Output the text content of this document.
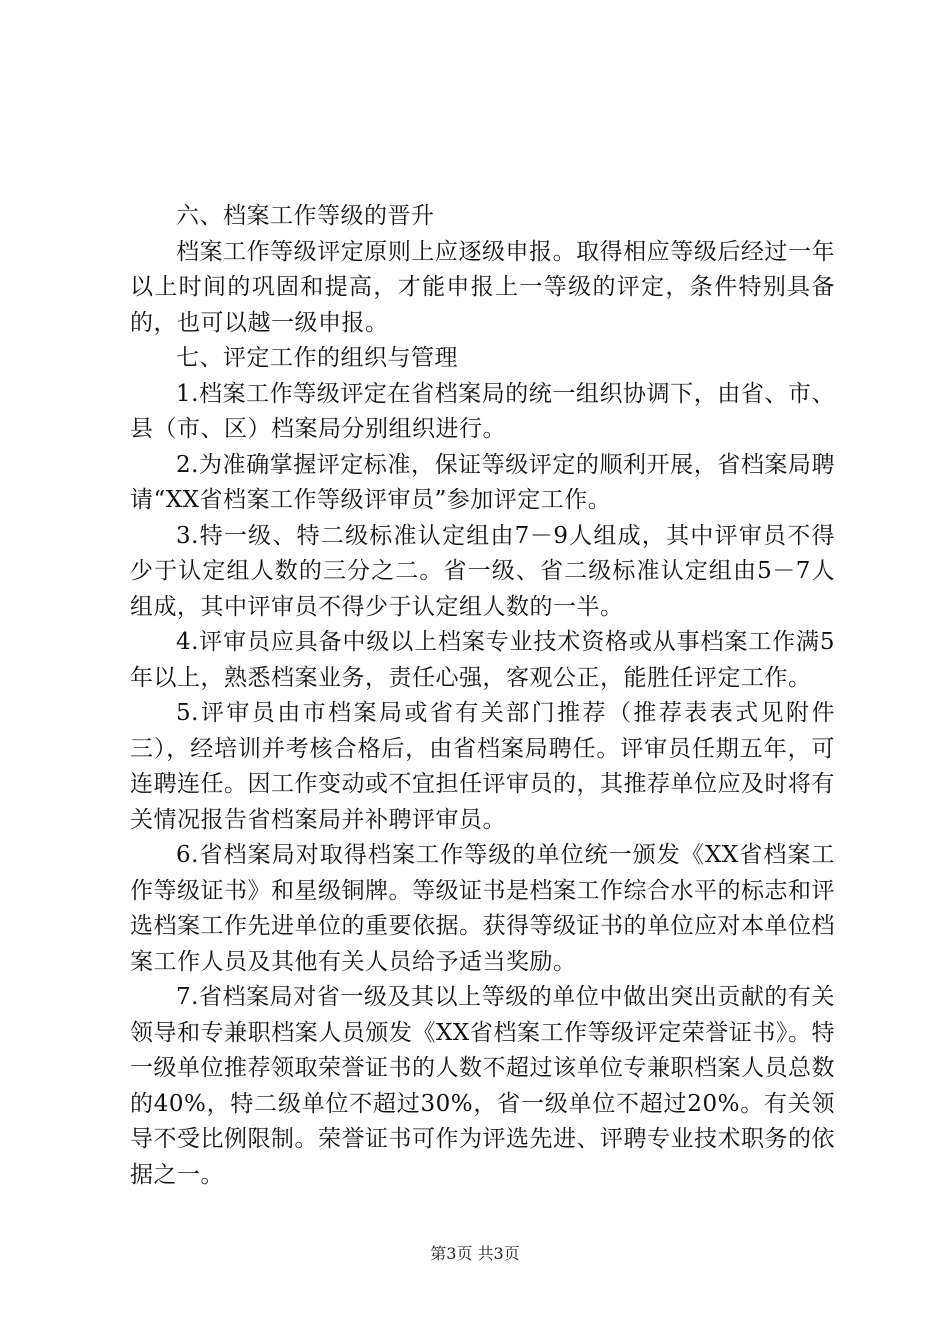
六、档案工作等级的晋升

档案工作等级评定原则上应逐级申报。取得相应等级后经过一年以上时间的巩固和提高，才能申报上一等级的评定，条件特别具备的，也可以越一级申报。

七、评定工作的组织与管理

1.档案工作等级评定在省档案局的统一组织协调下，由省、市、县（市、区）档案局分别组织进行。

2.为准确掌握评定标准，保证等级评定的顺利开展，省档案局聘请“XX省档案工作等级评审员”参加评定工作。

3.特一级、特二级标准认定组由7－9人组成，其中评审员不得少于认定组人数的三分之二。省一级、省二级标准认定组由5－7人组成，其中评审员不得少于认定组人数的一半。

4.评审员应具备中级以上档案专业技术资格或从事档案工作满5年以上，熟悉档案业务，责任心强，客观公正，能胜任评定工作。

5.评审员由市档案局或省有关部门推荐（推荐表表式见附件三），经培训并考核合格后，由省档案局聘任。评审员任期五年，可连聘连任。因工作变动或不宜担任评审员的，其推荐单位应及时将有关情况报告省档案局并补聘评审员。

6.省档案局对取得档案工作等级的单位统一颁发《XX省档案工作等级证书》和星级铜牌。等级证书是档案工作综合水平的标志和评选档案工作先进单位的重要依据。获得等级证书的单位应对本单位档案工作人员及其他有关人员给予适当奖励。

7.省档案局对省一级及其以上等级的单位中做出突出贡献的有关领导和专兼职档案人员颁发《XX省档案工作等级评定荣誉证书》。特一级单位推荐领取荣誉证书的人数不超过该单位专兼职档案人员总数的40%，特二级单位不超过30%，省一级单位不超过20%。有关领导不受比例限制。荣誉证书可作为评选先进、评聘专业技术职务的依据之一。

第3页 共3页
